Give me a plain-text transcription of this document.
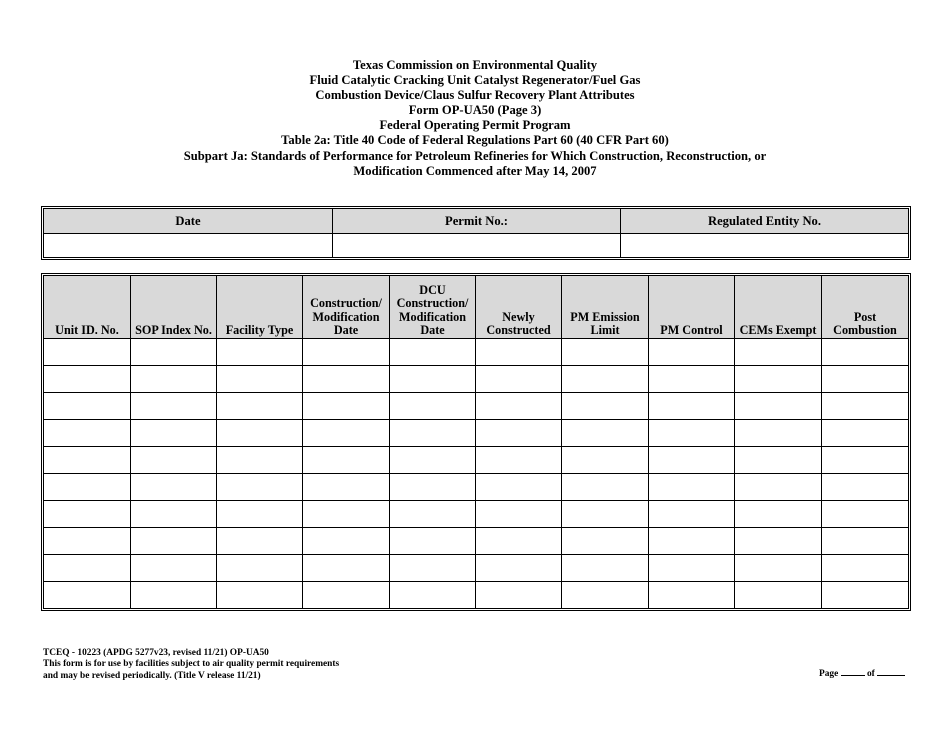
Texas Commission on Environmental Quality
Fluid Catalytic Cracking Unit Catalyst Regenerator/Fuel Gas
Combustion Device/Claus Sulfur Recovery Plant Attributes
Form OP-UA50 (Page 3)
Federal Operating Permit Program
Table 2a: Title 40 Code of Federal Regulations Part 60 (40 CFR Part 60)
Subpart Ja: Standards of Performance for Petroleum Refineries for Which Construction, Reconstruction, or
Modification Commenced after May 14, 2007
Date	Permit No.:	Regulated Entity No.

Unit ID. No.	SOP Index No.	Facility Type	Construction/ Modification Date	DCU Construction/ Modification Date	Newly Constructed	PM Emission Limit	PM Control	CEMs Exempt	Post Combustion

TCEQ - 10223 (APDG 5277v23, revised 11/21) OP-UA50
This form is for use by facilities subject to air quality permit requirements
and may be revised periodically. (Title V release 11/21)	Page	of
